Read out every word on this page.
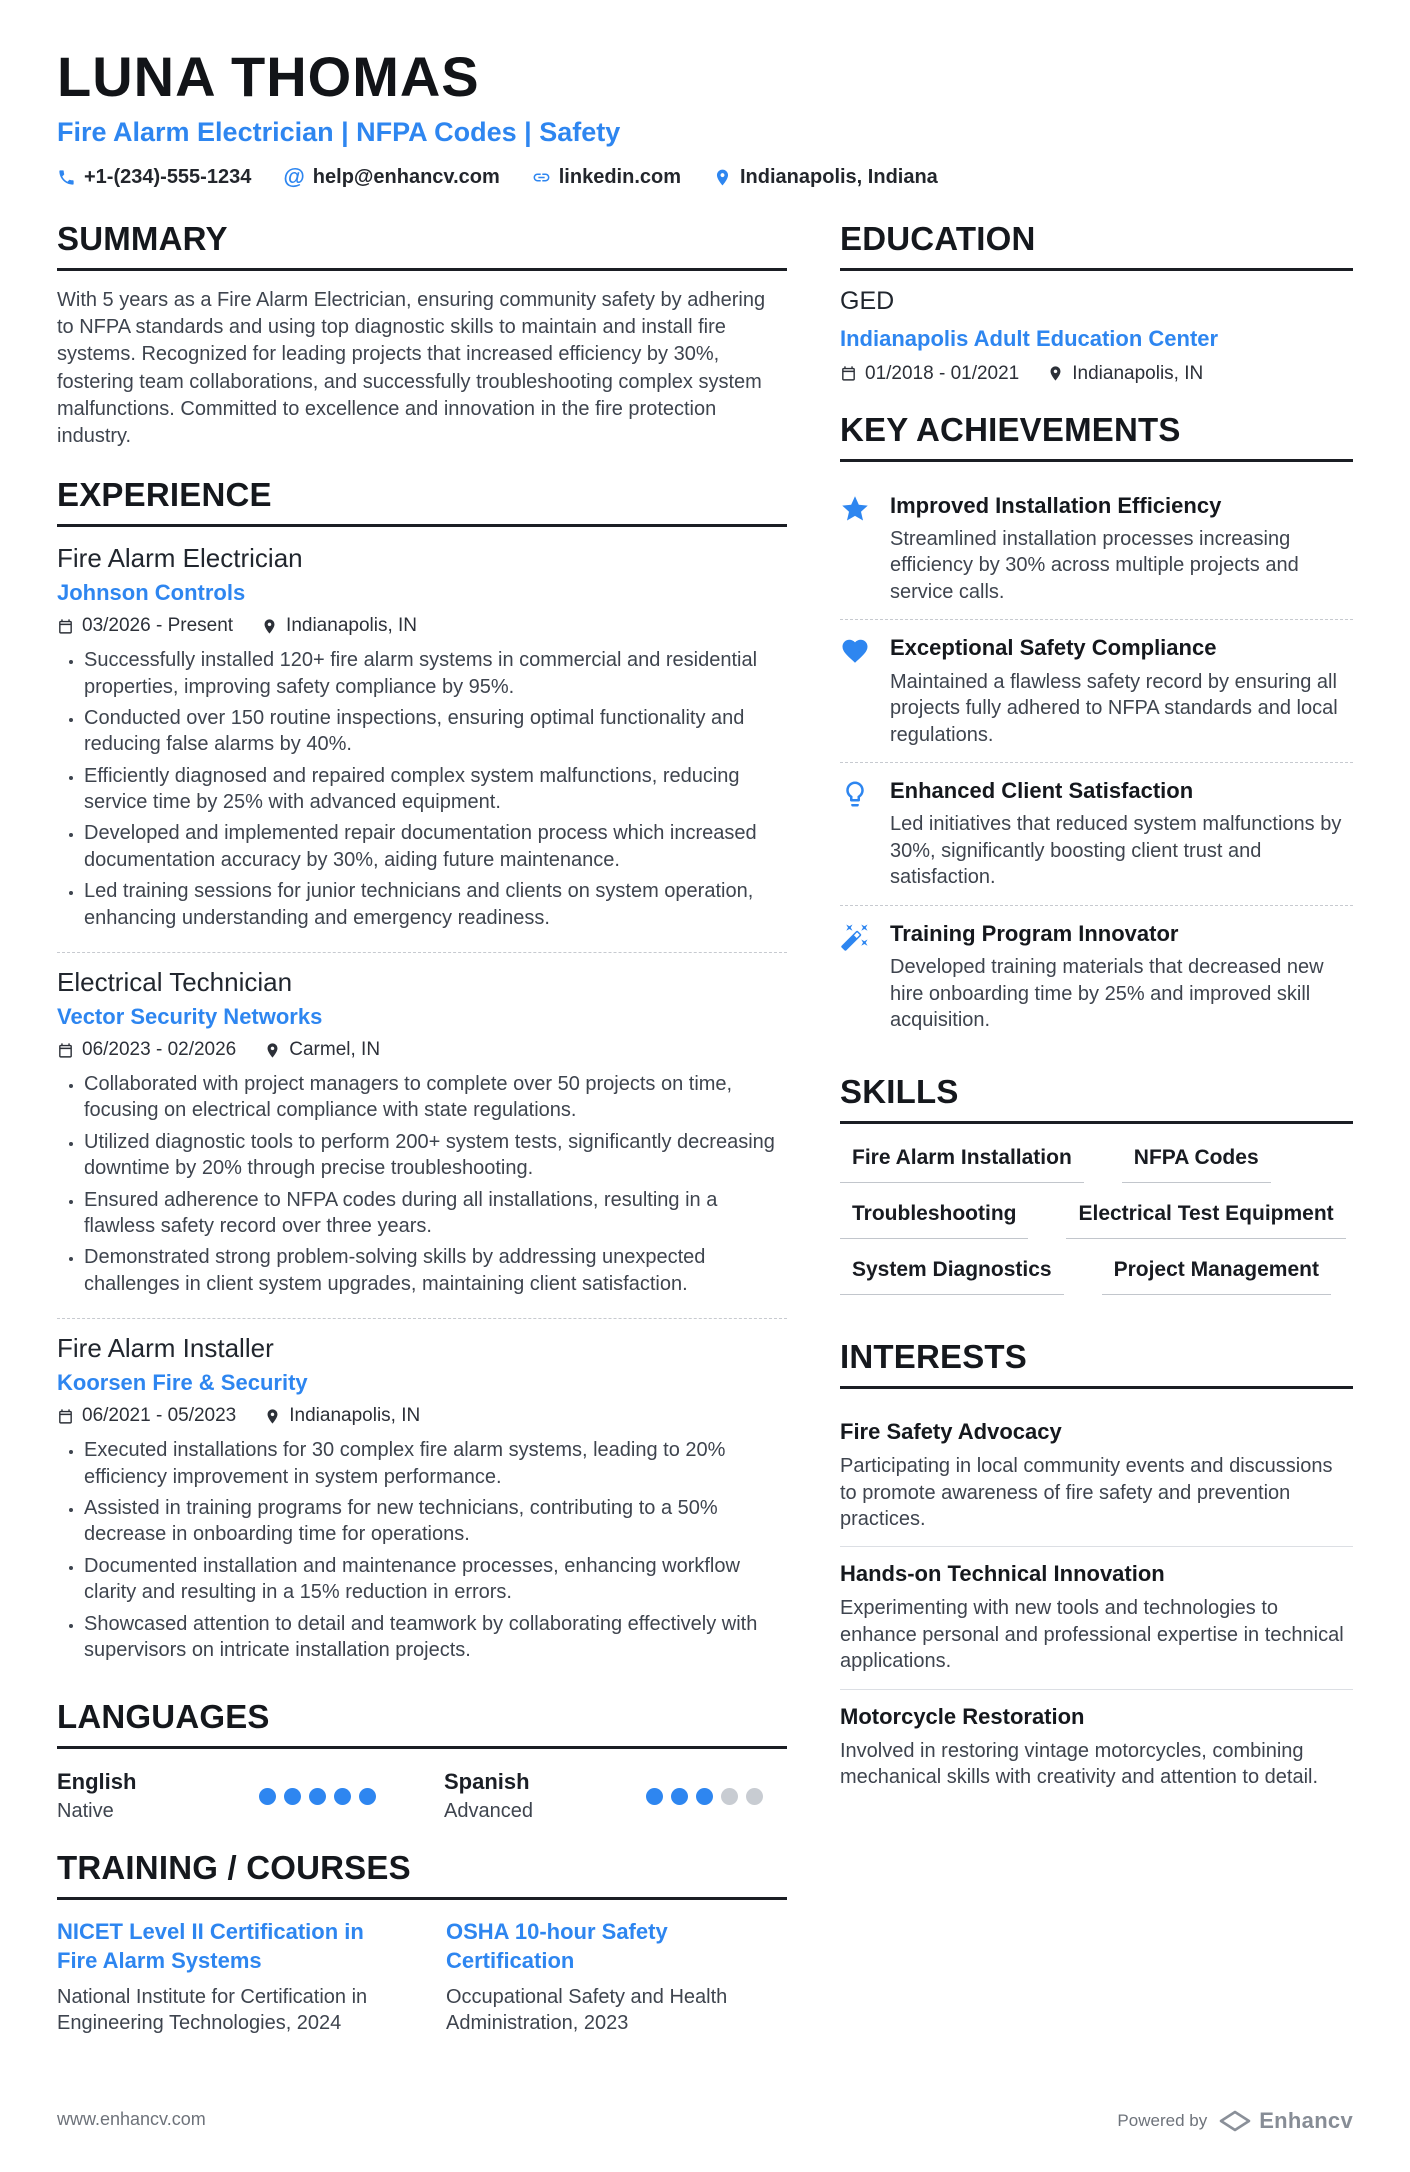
LUNA THOMAS
Fire Alarm Electrician | NFPA Codes | Safety
+1-(234)-555-1234 @ help@enhancv.com	linkedin.com	Indianapolis, Indiana
SUMMARY

With 5 years as a Fire Alarm Electrician, ensuring community safety by adhering to NFPA standards and using top diagnostic skills to maintain and install fire systems. Recognized for leading projects that increased efficiency by 30%, fostering team collaborations, and successfully troubleshooting complex system malfunctions. Committed to excellence and innovation in the fire protection industry.

EXPERIENCE
Fire Alarm Electrician
Johnson Controls
03/2026 - Present	Indianapolis, IN
• Successfully installed 120+ fire alarm systems in commercial and residential properties, improving safety compliance by 95%.
• Conducted over 150 routine inspections, ensuring optimal functionality and reducing false alarms by 40%.
• Efficiently diagnosed and repaired complex system malfunctions, reducing service time by 25% with advanced equipment.
• Developed and implemented repair documentation process which increased documentation accuracy by 30%, aiding future maintenance.
• Led training sessions for junior technicians and clients on system operation, enhancing understanding and emergency readiness.
Electrical Technician
Vector Security Networks
06/2023 - 02/2026	Carmel, IN
• Collaborated with project managers to complete over 50 projects on time, focusing on electrical compliance with state regulations.
• Utilized diagnostic tools to perform 200+ system tests, significantly decreasing downtime by 20% through precise troubleshooting.
• Ensured adherence to NFPA codes during all installations, resulting in a flawless safety record over three years.
• Demonstrated strong problem-solving skills by addressing unexpected challenges in client system upgrades, maintaining client satisfaction.
Fire Alarm Installer
Koorsen Fire & Security
06/2021 - 05/2023	Indianapolis, IN
• Executed installations for 30 complex fire alarm systems, leading to 20% efficiency improvement in system performance.
• Assisted in training programs for new technicians, contributing to a 50% decrease in onboarding time for operations.
• Documented installation and maintenance processes, enhancing workflow clarity and resulting in a 15% reduction in errors.
• Showcased attention to detail and teamwork by collaborating effectively with supervisors on intricate installation projects.
LANGUAGES
English
Native
Spanish
Advanced
TRAINING / COURSES
NICET Level II Certification in Fire Alarm Systems
National Institute for Certification in Engineering Technologies, 2024
OSHA 10-hour Safety Certification
Occupational Safety and Health Administration, 2023
EDUCATION
GED
Indianapolis Adult Education Center
01/2018 - 01/2021	Indianapolis, IN
KEY ACHIEVEMENTS
Improved Installation Efficiency
Streamlined installation processes increasing efficiency by 30% across multiple projects and service calls.
Exceptional Safety Compliance
Maintained a flawless safety record by ensuring all projects fully adhered to NFPA standards and local regulations.
Enhanced Client Satisfaction
Led initiatives that reduced system malfunctions by 30%, significantly boosting client trust and satisfaction.
Training Program Innovator
Developed training materials that decreased new hire onboarding time by 25% and improved skill acquisition.
SKILLS
Fire Alarm Installation	NFPA Codes
Troubleshooting	Electrical Test Equipment
System Diagnostics	Project Management
INTERESTS
Fire Safety Advocacy
Participating in local community events and discussions to promote awareness of fire safety and prevention practices.
Hands-on Technical Innovation
Experimenting with new tools and technologies to enhance personal and professional expertise in technical applications.
Motorcycle Restoration
Involved in restoring vintage motorcycles, combining mechanical skills with creativity and attention to detail.
www.enhancv.com	Powered by Enhancv
